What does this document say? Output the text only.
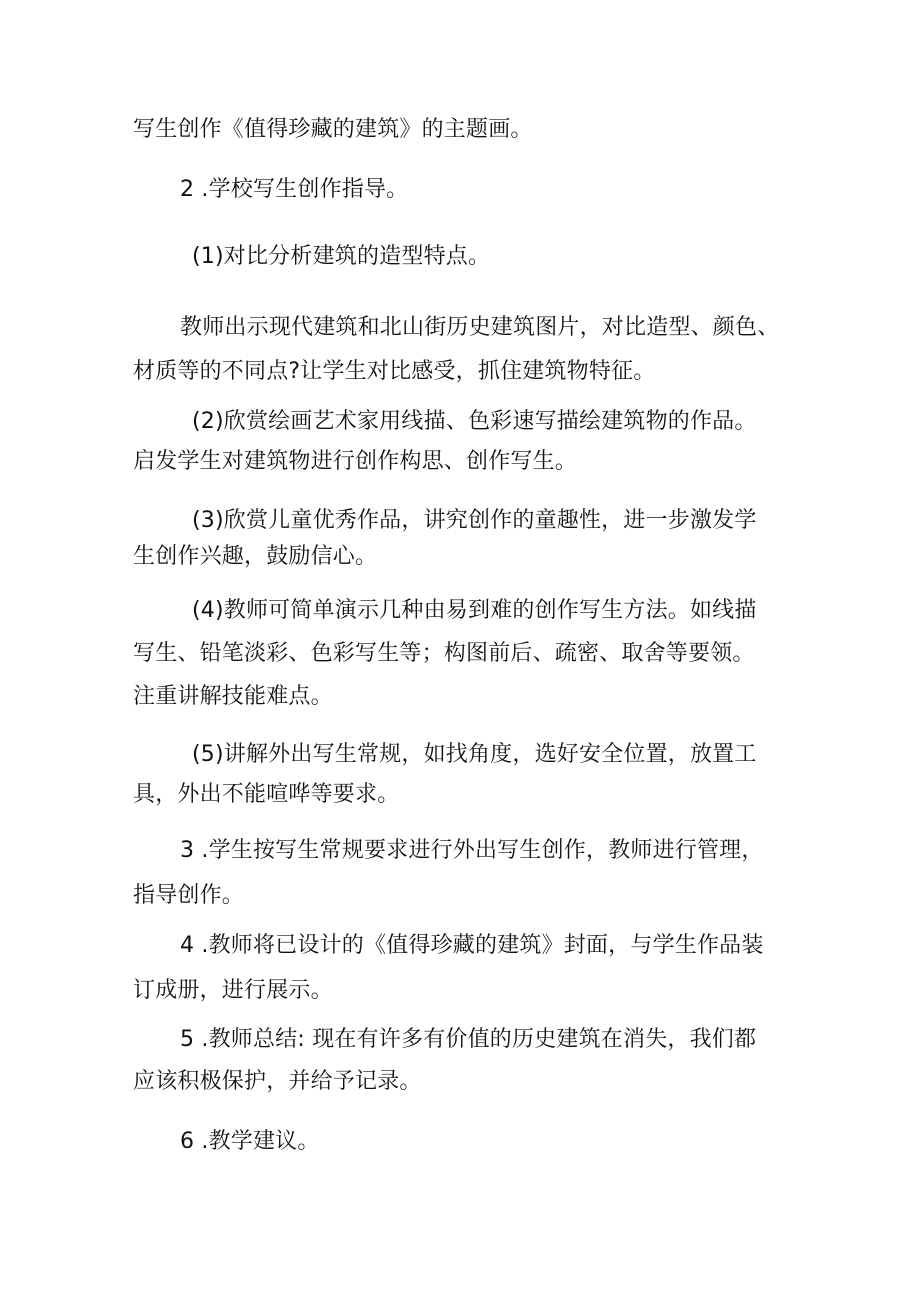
写生创作《值得珍藏的建筑》的主题画。
2 .学校写生创作指导。
(1)对比分析建筑的造型特点。
教师出示现代建筑和北山街历史建筑图片，对比造型、颜色、
材质等的不同点?让学生对比感受，抓住建筑物特征。
(2)欣赏绘画艺术家用线描、色彩速写描绘建筑物的作品。
启发学生对建筑物进行创作构思、创作写生。
(3)欣赏儿童优秀作品，讲究创作的童趣性，进一步激发学
生创作兴趣，鼓励信心。
(4)教师可简单演示几种由易到难的创作写生方法。如线描
写生、铅笔淡彩、色彩写生等；构图前后、疏密、取舍等要领。
注重讲解技能难点。
(5)讲解外出写生常规，如找角度，选好安全位置，放置工
具，外出不能喧哗等要求。
3 .学生按写生常规要求进行外出写生创作，教师进行管理，
指导创作。
4 .教师将已设计的《值得珍藏的建筑》封面，与学生作品装
订成册，进行展示。
5 .教师总结: 现在有许多有价值的历史建筑在消失，我们都
应该积极保护，并给予记录。
6 .教学建议。
